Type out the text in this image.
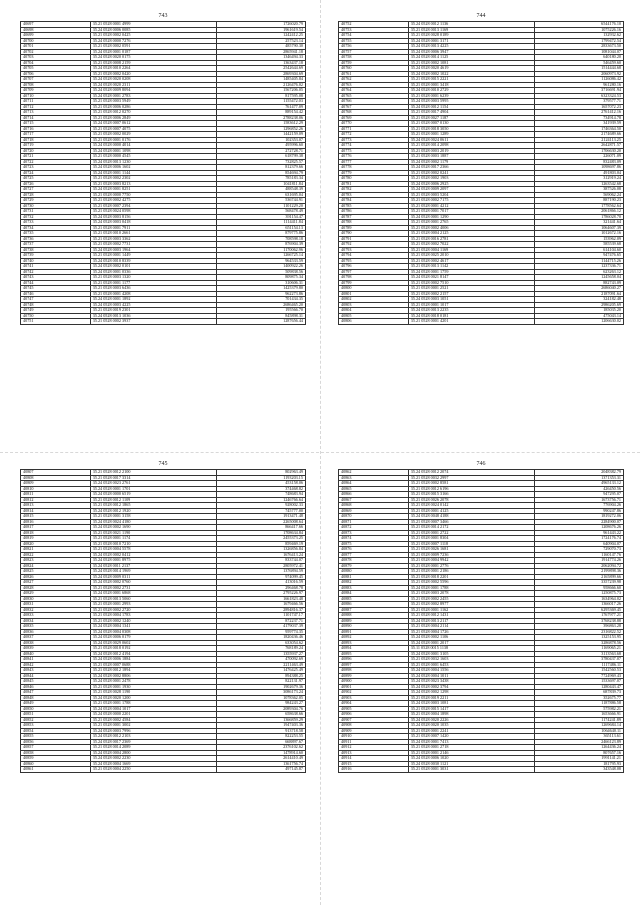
743
40697	35.21 0528 0001 4999	1726020.79
40698	35.24 0528 0006 0085	1961619.54
40699	35.21 0528 0002 0425	1242412.25
40700	35.24 0528 0000 7276	257523.14
40701	35.21 0528 0002 0591	485790.30
40702	35.24 0528 0001 0187	2865941.18
40703	35.24 0528 0020 0175	1346494.33
40704	35.21 0528 0008 2159	1363437.18
40705	35.24 0528 0010 2264	2542644.69
40706	35.21 0528 0002 0420	2869304.69
40707	35.24 0528 0020 0208	1485405.84
40708	35.24 0528 0020 2311	2126476.02
40709	35.24 0528 0009 8094	1567206.05
40710	35.24 0528 0001 2783	817595.08
40711	35.21 0528 0003 5949	1155472.03
40712	35.21 0528 0006 0286	761477.09
40713	35.21 0528 0012 0270	889154.42
40714	35.21 0528 0006 2849	2788238.06
40715	35.24 0528 0007 0612	1583612.29
40716	35.21 0528 0007 4075	1296852.26
40717	35.21 0528 0002 0029	1442159.09
40718	35.21 0528 0001 0176	102353.07
40719	35.24 0528 0000 4014	495996.60
40720	35.24 0528 0001 1098	272728.71
40721	35.21 0528 0000 4545	618799.38
40722	35.24 0528 0013 1230	732825.57
40723	35.24 0528 0006 1602	812379.66
40724	35.24 0528 0001 1144	854694.79
40725	35.21 0528 0002 2302	785183.34
40726	35.21 0528 0003 8213	1041811.84
40727	35.24 0528 0001 8251	488548.39
40728	35.21 0528 0000 7750	631695.04
40729	35.21 0528 0002 4275	536744.91
40730	35.21 0528 0007 2394	1101229.20
40731	35.21 0528 0024 0598	568478.49
40732	35.24 0528 0003 8156	391154.47
40733	35.24 0528 0003 0418	1114411.84
40734	35.21 0528 0001 7911	651154.13
40735	35.21 0528 0010 2661	879775.86
40736	35.21 0528 0003 3362	708598.18
40737	35.21 0528 0002 7731	876904.39
40738	35.24 0528 0003 1964	1170062.96
40739	35.21 0528 0001 1449	1266725.14
40740	35.24 0528 0010 8339	964533.59
40741	35.24 0528 0002 0101	1400922.26
40742	35.24 0528 0001 0336	509838.56
40743	35.21 0528 0003 1320	809875.34
40744	35.21 0528 0001 1177	310606.31
40745	35.21 0528 0003 6436	1425379.80
40746	35.21 0528 0001 4208	962273.86
40747	35.24 0528 0001 1892	701434.35
40748	35.24 0528 0003 4225	2686465.20
40749	35.21 0528 0019 2301	195566.70
40750	35.24 0528 0013 1036	845898.31
40751	35.21 0528 0002 3937	1287656.44
744
40752	35.24 0528 0012 1136	6544176.10
40753	35.21 0528 0013 1169	1075226.16
40754	35.21 0528 0028 0189	132932.62
40755	35.24 0528 0001 3171	1799472.54
40756	35.24 0528 0013 4225	2833673.50
40757	35.24 0528 0006 3947	1081044.07
40758	35.24 0528 0014 1125	640180.20
40759	35.21 0528 0002 1081	546459.60
40760	35.24 0528 0020 4619	1514444.68
40761	35.24 0528 0002 1022	2060973.92
40762	35.21 0528 0015 2221	1126086.42
40763	35.21 0528 0001 3418	961280.16
40764	35.24 0528 0010 2729	3716691.94
40765	35.21 0528 0001 6239	6323324.53
40766	35.24 0528 0003 5995	379577.71
40767	35.24 0528 0012 1154	1657072.23
40768	35.21 0528 0017 4904	2761412.16
40769	35.21 0528 0027 1187	734914.78
40770	35.21 0528 0007 0130	341939.59
40771	35.21 0528 0018 3050	1746364.50
40772	35.21 0528 0001 1289	2174689.66
40773	35.24 0528 0024 0611	2124113.25
40774	35.21 0528 0014 2098	2642871.57
40775	35.21 0528 0003 2019	1706630.20
40776	35.21 0528 0003 1887	226071.09
40777	35.24 0528 0002 1179	832483.09
40778	35.24 0528 0017 2366	1098697.86
40779	35.21 0528 0002 0241	491803.04
40780	35.21 0528 0002 1903	312919.24
40781	35.24 0528 0006 2925	1263542.68
40782	35.24 0528 0009 2097	387526.08
40783	35.21 0528 0003 5204	569062.24
40784	35.21 0528 0002 7175	887190.23
40785	35.21 0528 0001 4212	1778562.64
40786	35.21 0528 0001 7017	2061866.12
40787	35.24 0528 0001 1290	1786028.70
40788	35.21 0528 0001 2765	321441.64
40789	35.21 0528 0002 4006	1064607.39
40790	35.21 0528 0004 2125	1012672.16
40791	35.21 0528 0016 2781	153962.09
40792	35.21 0528 0002 7022	585539.68
40793	35.21 0528 0004 1169	614104.60
40794	35.21 0528 0025 2010	947476.65
40795	35.21 0528 0002 4617	1144715.26
40796	35.21 0528 0013 1142	1237336.71
40797	35.24 0528 0001 1759	623263.12
40798	35.24 0528 0021 8147	1245658.04
40799	35.21 0528 0002 7510	882743.09
40800	35.21 0528 0001 2521	2686040.27
40801	35.21 0528 0002 2157	2187091.64
40802	35.24 0528 0003 1051	324182.48
40803	35.21 0528 0001 1017	2986205.69
40804	35.24 0528 0013 2235	185035.20
40805	35.24 0528 0018 0181	475043.14
40806	35.21 0528 0001 4201	1206630.02
745
40807	35.21 0528 0012 2100	802963.49
40808	35.21 0528 0017 3314	1193203.15
40809	35.24 0528 0023 2761	453158.06
40810	35.24 0528 0001 1701	374468.82
40811	35.24 0528 0000 6519	748683.94
40812	35.21 0528 0012 1109	1246766.64
40813	35.21 0528 0012 1865	928002.33
40814	35.24 0528 0012 1920	745777.00
40815	35.21 0528 0001 3158	1913471.48
40816	35.24 0528 0024 4180	2265008.64
40817	35.24 0528 0002 1690	866417.66
40818	35.21 0528 0021 1190	1708634.84
40819	35.21 0528 0001 1174	2455373.25
40820	35.21 0528 0010 7210	859469.19
40821	35.21 0528 0004 5578	1326856.84
40822	35.24 0528 0002 0412	1676413.24
40823	35.24 0528 0001 8975	833744.07
40824	35.24 0528 0011 2137	2805972.41
40825	35.24 0528 0014 1969	1376894.59
40826	35.24 0528 0009 0311	974099.45
40827	35.24 0528 0002 0760	413016.59
40828	35.21 0528 0002 2731	296468.78
40829	35.24 0528 0001 6868	2795226.97
40830	35.21 0528 0013 5060	1661823.48
40831	35.21 0528 0001 2993	1679466.56
40832	35.21 0528 0002 2720	2894816.37
40833	35.21 0528 0004 1783	1101747.17
40834	35.21 0528 0002 1240	872237.71
40835	35.24 0528 0004 1341	4179037.39
40836	35.24 0528 0004 0308	959774.35
40837	35.24 0528 0006 0179	1820436.46
40838	35.24 0528 0029 0602	633054.62
40839	35.21 0528 0018 0192	768189.24
40840	35.24 0528 0012 4194	1355937.27
40841	35.24 0528 0006 1884	470092.69
40842	35.21 0528 0007 0688	2211463.49
40843	35.21 0528 0012 1894	1476425.49
40844	35.24 0528 0002 8806	894388.25
40845	35.24 0528 0001 2478	822131.97
40846	35.21 0528 0001 1930	1902679.36
40847	35.21 0528 0028 1190	3086173.24
40848	35.24 0528 0020 1200	1078362.05
40849	35.21 0528 0001 1788	984243.27
40850	35.24 0528 0004 1017	2089304.76
40851	35.24 0528 0000 2201	658638.66
40852	35.21 0528 0002 4584	1366859.29
40853	35.21 0528 0001 3002	1947403.36
40854	35.24 0528 0003 7996	913718.58
40855	35.24 0528 0012 2103	822253.55
40856	35.24 0528 0017 2369	668897.67
40857	35.21 0528 0014 2089	2376102.62
40858	35.24 0528 0004 2800	1478914.60
40859	35.24 0528 0002 2230	2614410.49
40860	35.24 0528 0004 1669	1361756.74
40861	35.21 0528 0004 2250	497145.87
746
40862	35.24 0528 0012 2074	2048382.79
40863	35.21 0528 0032 2997	1371353.31
40864	35.21 0528 0002 8581	4965133.12
40865	35.21 0528 0012 6196	426450.56
40866	35.21 0528 0015 3166	947295.07
40867	35.21 0528 0026 2078	1673756.71
40868	35.21 0528 0024 0142	776904.26
40869	35.21 0528 0001 4125	990247.86
40870	35.24 0528 0048 4188	1819272.06
40871	35.21 0528 0007 3466	2284900.07
40872	35.21 0528 0014 2172	1208676.26
40873	35.21 0528 0001 2722	961443.22
40874	35.21 0528 0001 8304	1724176.74
40875	35.21 0528 0007 1118	640904.07
40876	35.21 0528 0026 1681	729070.73
40877	35.21 0528 0009 7236	1160147.76
40878	35.21 0528 0004 9942	1914774.26
40879	35.21 0528 0001 2776	2062094.72
40880	35.21 0528 0001 2186	2199898.36
40881	35.21 0528 0018 2201	2165899.66
40882	35.21 0528 0002 5596	3357239.98
40883	35.24 0528 0001 1788	958666.60
40884	35.21 0528 0003 2078	1250875.73
40885	35.21 0528 0002 2455	1634964.02
40886	35.21 0528 0002 8977	1366017.26
40887	35.21 0528 0001 1162	6295369.45
40888	35.21 0528 0012 1431	1767977.21
40889	35.24 0528 0013 2117	3768238.88
40890	35.21 0528 0004 2114	396863.28
40891	35.21 0528 0004 1726	2316822.52
40892	35.24 0528 0002 1106	1325153.95
40893	35.24 0528 0001 2017	3286878.56
40894	35.11 0528 0015 1138	1169065.21
40895	35.24 0528 0001 3105	3113563.68
40896	35.21 0528 0032 1603	3780437.07
40897	35.21 0528 0001 6453	1117486.11
40898	35.24 0528 0004 1556	1542560.53
40899	35.24 0528 0004 1011	7724969.43
40900	35.24 0528 0023 3438	1533697.07
40901	35.24 0528 0002 3794	1280443.47
40902	35.24 0528 0002 1298	687839.73
40903	35.21 0528 0019 2211	352675.77
40904	35.24 0528 0003 1081	1187886.58
40905	35.21 0528 0015 1417	575982.21
40906	35.21 0528 0004 1898	1653666.91
40907	35.24 0528 0020 2226	1174241.89
40908	35.24 0528 0020 1035	1269684.14
40909	35.21 0528 0001 2241	1064640.11
40910	35.21 0528 0007 1420	365113.61
40911	35.24 0528 0001 7413	2466123.89
40912	35.21 0528 0001 2718	1264436.24
40913	35.21 0528 0001 2146	807657.16
40914	35.24 0528 0006 1020	1991141.21
40915	35.24 0528 0030 1121	181795.93
40916	35.21 0528 0001 3031	343548.08
